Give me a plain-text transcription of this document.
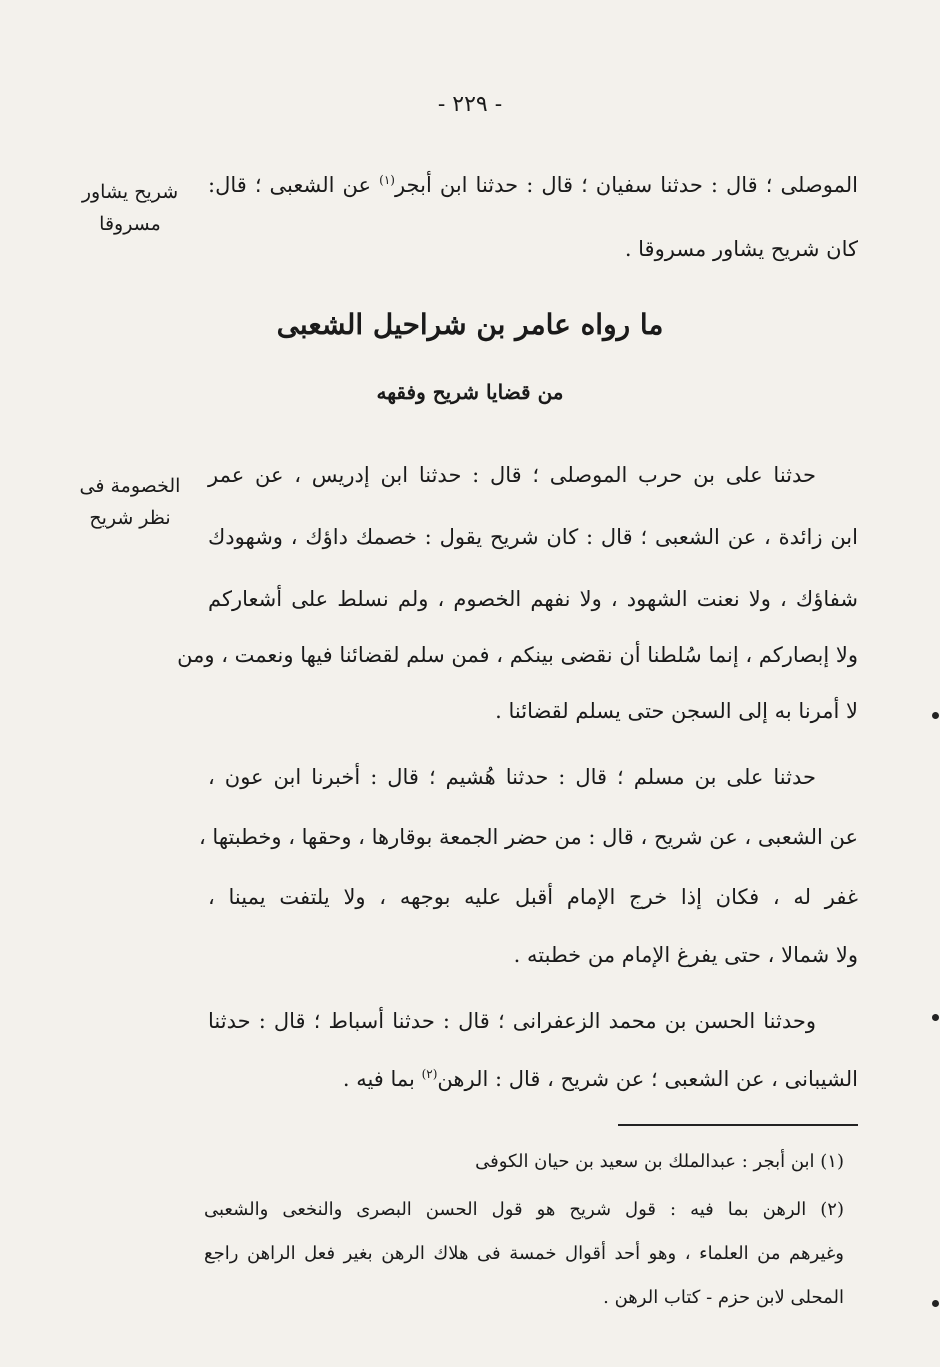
- ٢٢٩ -
شريح يشاور
مسروقا
الخصومة فى
نظر شريح
الموصلى ؛ قال : حدثنا سفيان ؛ قال : حدثنا ابن أبجر$^{(١)}$ عن الشعبى ؛ قال:
كان شريح يشاور مسروقا .
ما رواه عامر بن شراحيل الشعبى
من قضايا شريح وفقهه
حدثنا على بن حرب الموصلى ؛ قال : حدثنا ابن إدريس ، عن عمر
ابن زائدة ، عن الشعبى ؛ قال : كان شريح يقول : خصمك داؤك ، وشهودك
شفاؤك ، ولا نعنت الشهود ، ولا نفهم الخصوم ، ولم نسلط على أشعاركم
ولا إبصاركم ، إنما سُلطنا أن نقضى بينكم ، فمن سلم لقضائنا فيها ونعمت ، ومن
لا أمرنا به إلى السجن حتى يسلم لقضائنا .
حدثنا على بن مسلم ؛ قال : حدثنا هُشيم ؛ قال : أخبرنا ابن عون ،
عن الشعبى ، عن شريح ، قال : من حضر الجمعة بوقارها ، وحقها ، وخطبتها ،
غفر له ، فكان إذا خرج الإمام أقبل عليه بوجهه ، ولا يلتفت يمينا ،
ولا شمالا ، حتى يفرغ الإمام من خطبته .
وحدثنا الحسن بن محمد الزعفرانى ؛ قال : حدثنا أسباط ؛ قال : حدثنا
الشيبانى ، عن الشعبى ؛ عن شريح ، قال : الرهن$^{(٢)}$ بما فيه .
(١) ابن أبجر : عبدالملك بن سعيد بن حيان الكوفى
(٢) الرهن بما فيه : قول شريح هو قول الحسن البصرى والنخعى والشعبى
وغيرهم من العلماء ، وهو أحد أقوال خمسة فى هلاك الرهن بغير فعل الراهن راجع
المحلى لابن حزم - كتاب الرهن .
